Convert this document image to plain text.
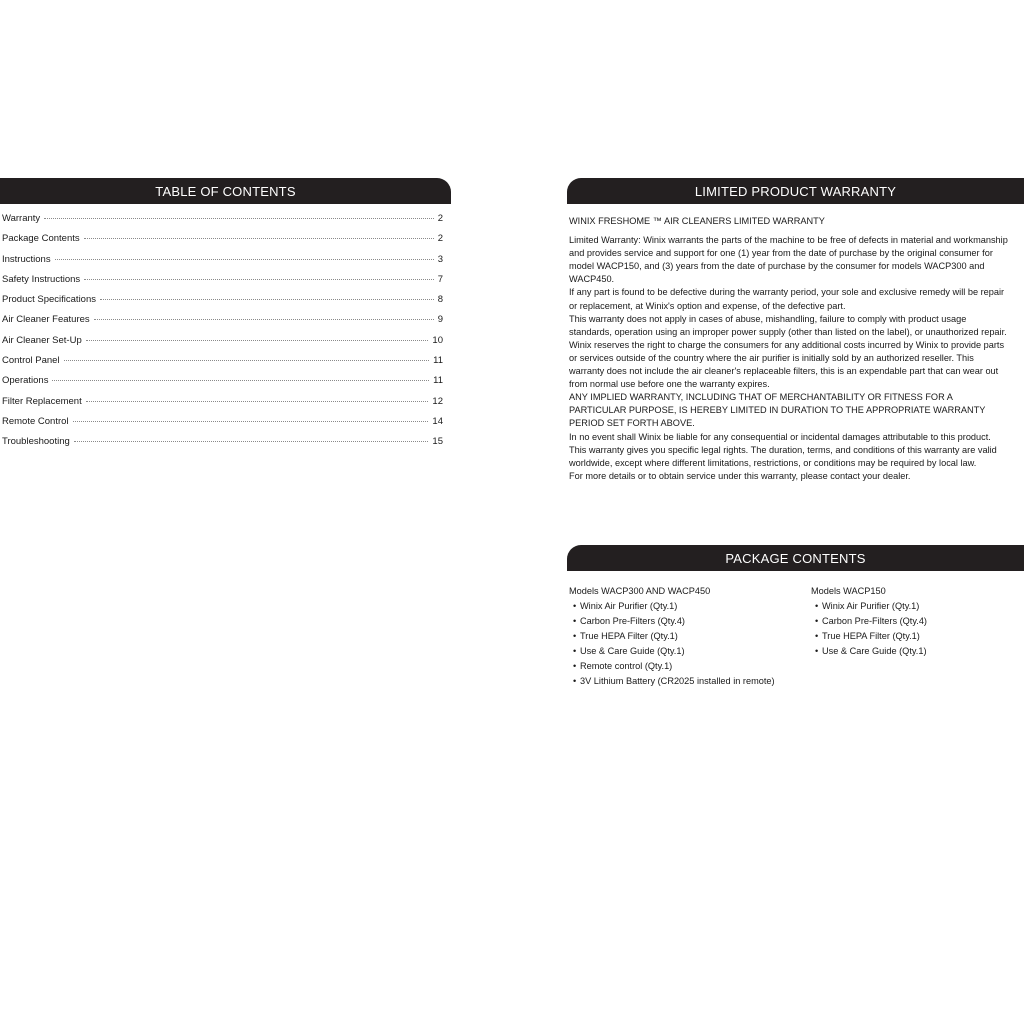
TABLE OF CONTENTS
Warranty	2
Package Contents	2
Instructions	3
Safety Instructions	7
Product Specifications	8
Air Cleaner Features	9
Air Cleaner Set-Up	10
Control Panel	11
Operations	11
Filter Replacement	12
Remote Control	14
Troubleshooting	15
LIMITED PRODUCT WARRANTY
WINIX FRESHOME ™ AIR CLEANERS LIMITED WARRANTY

Limited Warranty: Winix warrants the parts of the machine to be free of defects in material and workmanship and provides service and support for one (1) year from the date of purchase by the original consumer for model WACP150, and (3) years from the date of purchase by the consumer for models WACP300 and WACP450.

If any part is found to be defective during the warranty period, your sole and exclusive remedy will be repair or replacement, at Winix's option and expense, of the defective part.

This warranty does not apply in cases of abuse, mishandling, failure to comply with product usage standards, operation using an improper power supply (other than listed on the label), or unauthorized repair.

Winix reserves the right to charge the consumers for any additional costs incurred by Winix to provide parts or services outside of the country where the air purifier is initially sold by an authorized reseller. This warranty does not include the air cleaner's replaceable filters, this is an expendable part that can wear out from normal use before one the warranty expires.

ANY IMPLIED WARRANTY, INCLUDING THAT OF MERCHANTABILITY OR FITNESS FOR A PARTICULAR PURPOSE, IS HEREBY LIMITED IN DURATION TO THE APPROPRIATE WARRANTY PERIOD SET FORTH ABOVE.

In no event shall Winix be liable for any consequential or incidental damages attributable to this product.

This warranty gives you specific legal rights. The duration, terms, and conditions of this warranty are valid worldwide, except where different limitations, restrictions, or conditions may be required by local law.

For more details or to obtain service under this warranty, please contact your dealer.

PACKAGE CONTENTS
Models WACP300 AND WACP450
• Winix Air Purifier (Qty.1)
• Carbon Pre-Filters (Qty.4)
• True HEPA Filter (Qty.1)
• Use & Care Guide (Qty.1)
• Remote control (Qty.1)
• 3V Lithium Battery (CR2025 installed in remote)
Models WACP150
• Winix Air Purifier (Qty.1)
• Carbon Pre-Filters (Qty.4)
• True HEPA Filter (Qty.1)
• Use & Care Guide (Qty.1)
